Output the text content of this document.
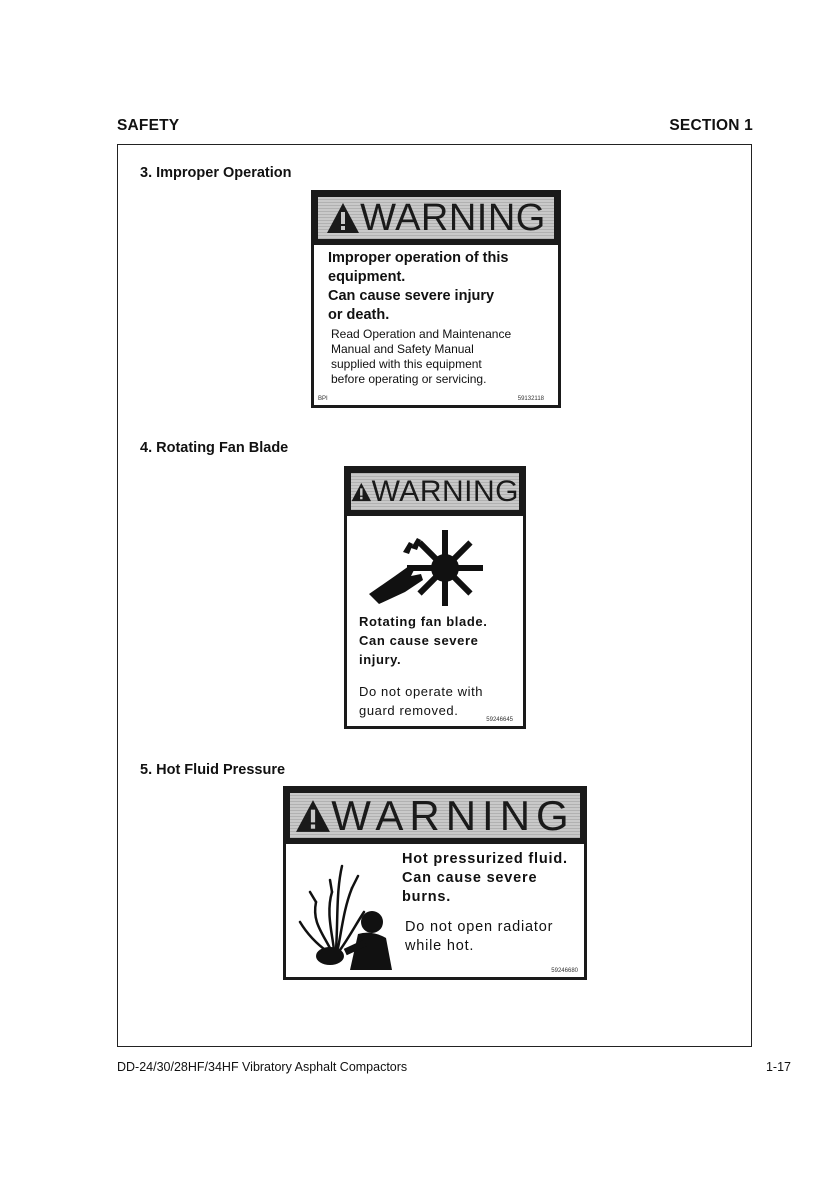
SAFETY	SECTION 1
3. Improper Operation
WARNING
Improper operation of this
equipment.
Can cause severe injury
or death.
Read Operation and Maintenance
Manual and Safety Manual
supplied with this equipment
before operating or servicing.
BPI	59132118
4. Rotating Fan Blade
WARNING
Rotating fan blade.
Can cause severe
injury.
Do not operate with
guard removed.
59246645
5. Hot Fluid Pressure
WARNING
Hot pressurized fluid.
Can cause severe
burns.
Do not open radiator
while hot.
59246680
DD-24/30/28HF/34HF Vibratory Asphalt Compactors	1-17
